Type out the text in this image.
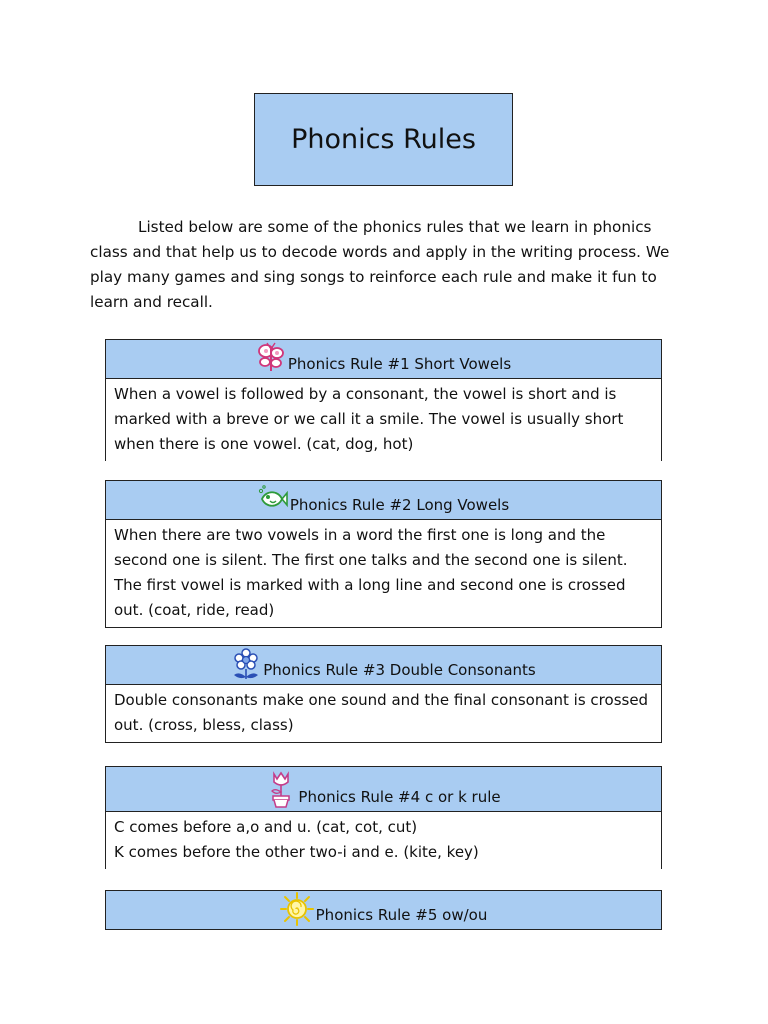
Phonics Rules

Listed below are some of the phonics rules that we learn in phonics class and that help us to decode words and apply in the writing process. We play many games and sing songs to reinforce each rule and make it fun to learn and recall.

Phonics Rule #1 Short Vowels

When a vowel is followed by a consonant, the vowel is short and is marked with a breve or we call it a smile. The vowel is usually short when there is one vowel. (cat, dog, hot)

Phonics Rule #2 Long Vowels

When there are two vowels in a word the first one is long and the second one is silent. The first one talks and the second one is silent. The first vowel is marked with a long line and second one is crossed out. (coat, ride, read)

Phonics Rule #3 Double Consonants

Double consonants make one sound and the final consonant is crossed out. (cross, bless, class)

Phonics Rule #4 c or k rule

C comes before a,o and u. (cat, cot, cut)

K comes before the other two-i and e. (kite, key)

Phonics Rule #5 ow/ou
